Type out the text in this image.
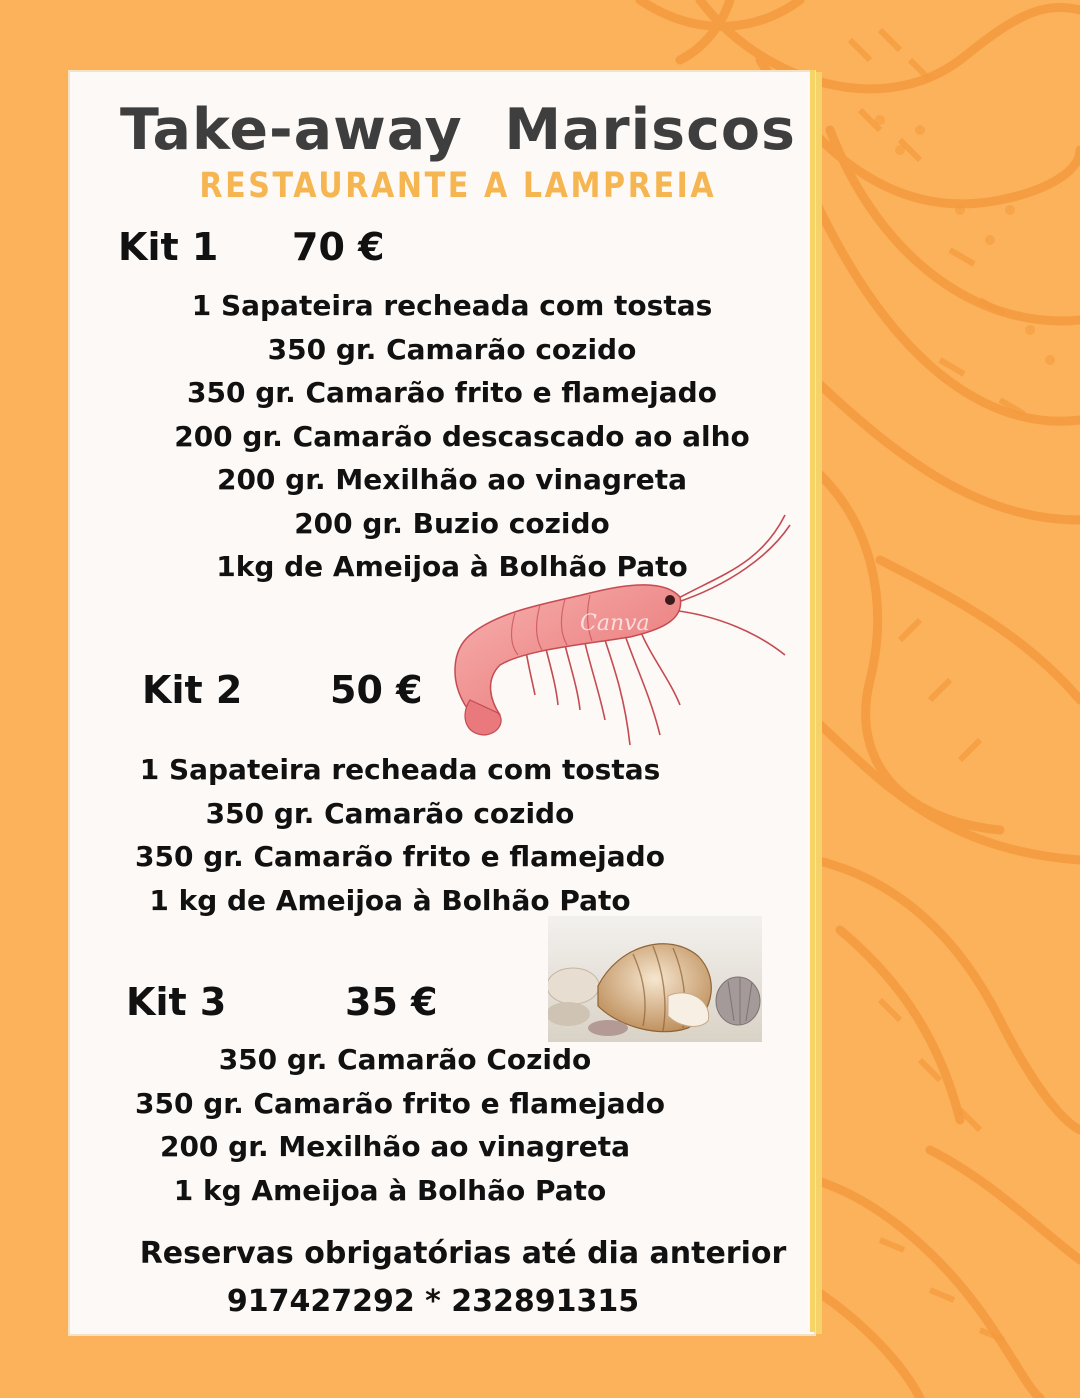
Take-away  Mariscos
RESTAURANTE A LAMPREIA
Kit 1 70 €
1 Sapateira recheada com tostas
350 gr. Camarão cozido
350 gr. Camarão frito e flamejado
200 gr. Camarão descascado ao alho
200 gr. Mexilhão ao vinagreta
200 gr. Buzio cozido
1kg de Ameijoa à Bolhão Pato
Canva
Kit 2 50 €
1 Sapateira recheada com tostas
350 gr. Camarão cozido
350 gr. Camarão frito e flamejado
1 kg de Ameijoa à Bolhão Pato
Kit 3	35 €
350 gr. Camarão Cozido
350 gr. Camarão frito e flamejado
200 gr. Mexilhão ao vinagreta
1 kg Ameijoa à Bolhão Pato
Reservas obrigatórias até dia anterior
917427292 * 232891315
